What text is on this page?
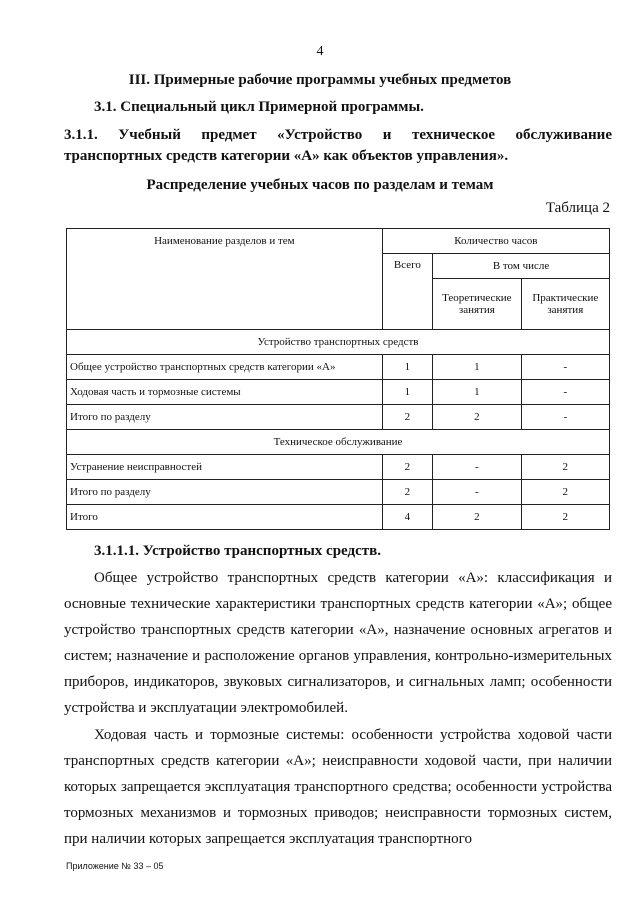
4
III. Примерные рабочие программы учебных предметов
3.1. Специальный цикл Примерной программы.
3.1.1. Учебный предмет «Устройство и техническое обслуживание
транспортных средств категории «А» как объектов управления».
Распределение учебных часов по разделам и темам
Таблица 2
Наименование разделов и тем	Количество часов		
	Всего	В том числе	
		Теоретические занятия	Практические занятия
Устройство транспортных средств			
Общее устройство транспортных средств категории «А»	1	1	-
Ходовая часть и тормозные системы	1	1	-
Итого по разделу	2	2	-
Техническое обслуживание			
Устранение неисправностей	2	-	2
Итого по разделу	2	-	2
Итого	4	2	2
3.1.1.1. Устройство транспортных средств.

Общее устройство транспортных средств категории «А»: классификация и основные технические характеристики транспортных средств категории «А»; общее устройство транспортных средств категории «А», назначение основных агрегатов и систем; назначение и расположение органов управления, контрольно-измерительных приборов, индикаторов, звуковых сигнализаторов, и сигнальных ламп; особенности устройства и эксплуатации электромобилей.

Ходовая часть и тормозные системы: особенности устройства ходовой части транспортных средств категории «А»; неисправности ходовой части, при наличии которых запрещается эксплуатация транспортного средства; особенности устройства тормозных механизмов и тормозных приводов; неисправности тормозных систем, при наличии которых запрещается эксплуатация транспортного

Приложение № 33 – 05
